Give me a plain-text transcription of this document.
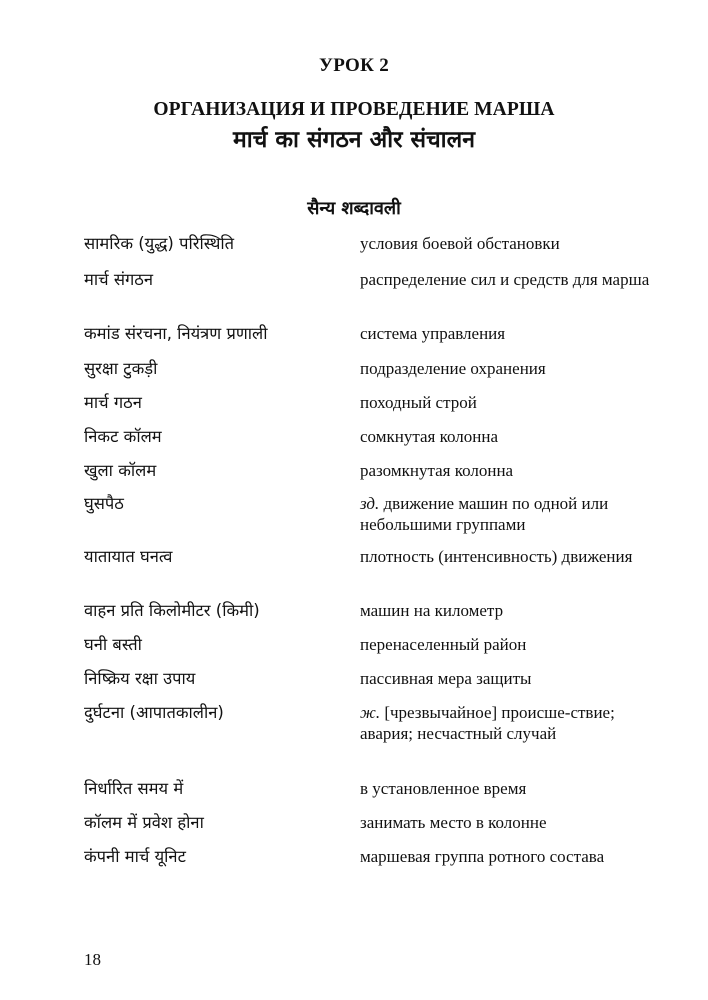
УРОК 2
ОРГАНИЗАЦИЯ И ПРОВЕДЕНИЕ МАРША
मार्च का संगठन और संचालन
सैन्य शब्दावली
सामरिक (युद्ध) परिस्थिति	условия боевой обстановки
मार्च संगठन	распределение сил и средств для марша
कमांड संरचना, नियंत्रण प्रणाली	система управления
सुरक्षा टुकड़ी	подразделение охранения
मार्च गठन	походный строй
निकट कॉलम	сомкнутая колонна
खुला कॉलम	разомкнутая колонна
घुसपैठ	зд. движение машин по одной или небольшими группами
यातायात घनत्व	плотность (интенсивность) движения
वाहन प्रति किलोमीटर (किमी)	машин на километр
घनी बस्ती	перенаселенный район
निष्क्रिय रक्षा उपाय	пассивная мера защиты
दुर्घटना (आपातकालीन)	ж. [чрезвычайное] происше-ствие; авария; несчастный случай
निर्धारित समय में	в установленное время
कॉलम में प्रवेश होना	занимать место в колонне
कंपनी मार्च यूनिट	маршевая группа ротного состава
18
